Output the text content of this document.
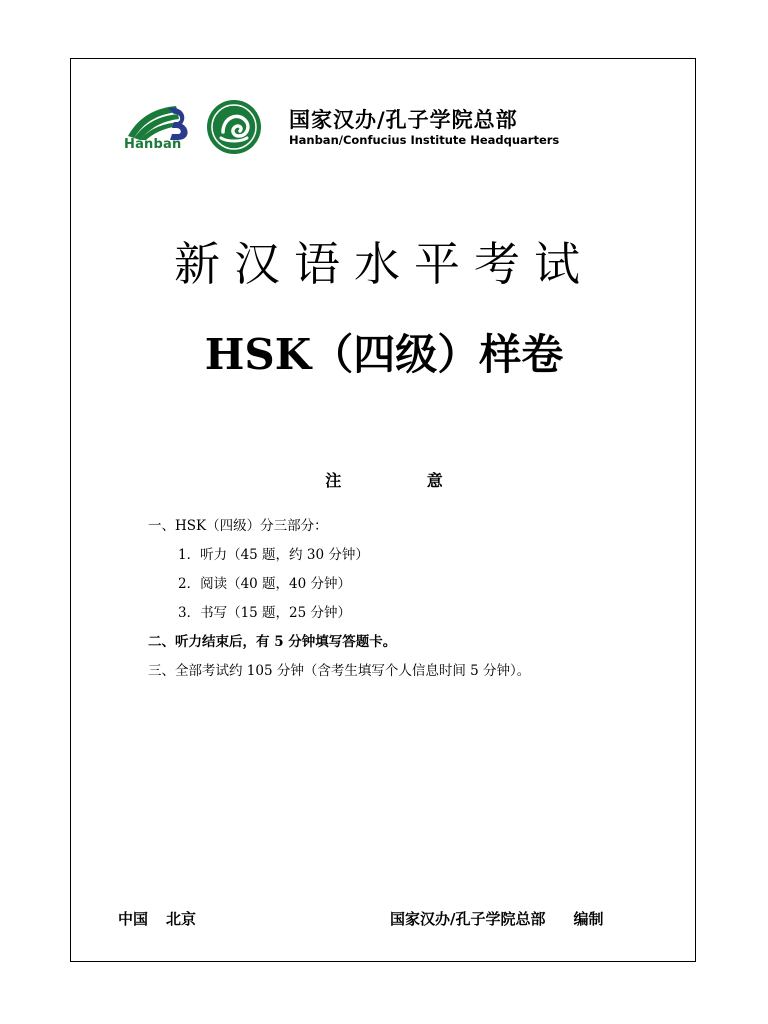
Hanban
国家汉办/孔子学院总部
Hanban/Confucius Institute Headquarters
新汉语水平考试
HSK（四级）样卷
注 意
一、HSK（四级）分三部分：
1．听力（45 题，约 30 分钟）
2．阅读（40 题，40 分钟）
3．书写（15 题，25 分钟）
二、听力结束后，有 5 分钟填写答题卡。
三、全部考试约 105 分钟（含考生填写个人信息时间 5 分钟）。
中国 北京	国家汉办/孔子学院总部 编制
